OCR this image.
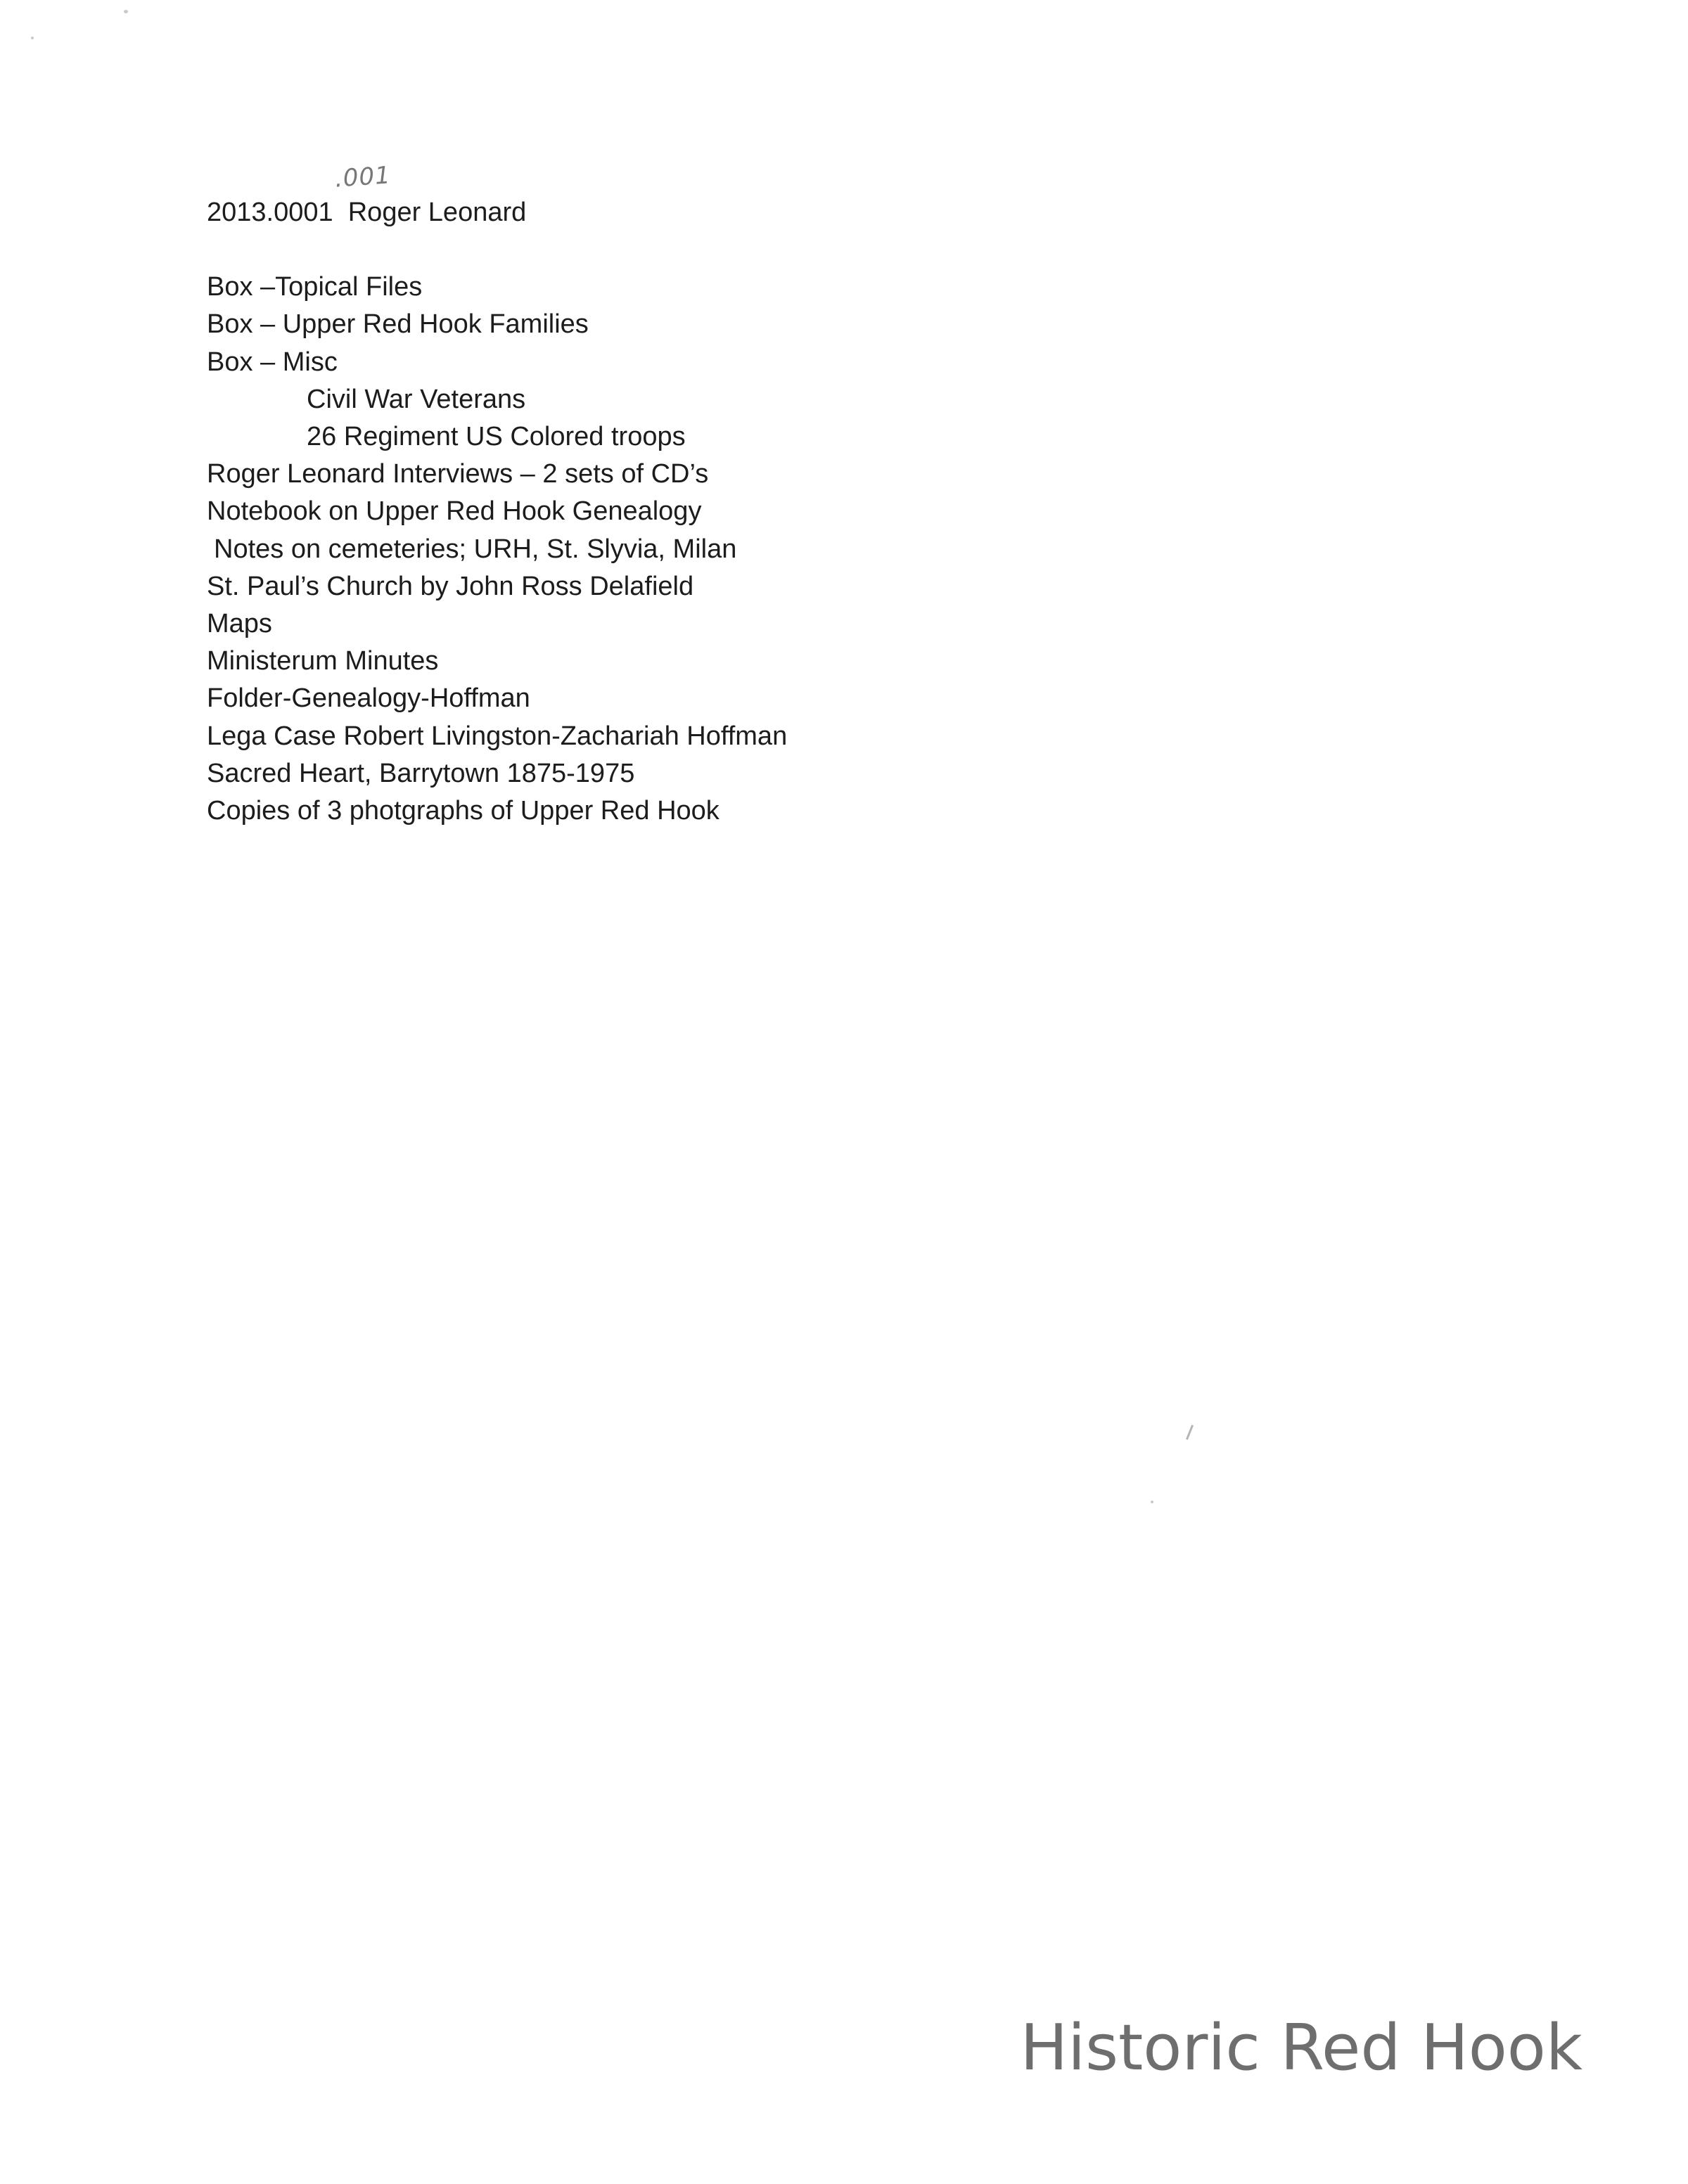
.001
2013.0001  Roger Leonard
Box –Topical Files
Box – Upper Red Hook Families
Box – Misc
Civil War Veterans
26 Regiment US Colored troops
Roger Leonard Interviews – 2 sets of CD’s
Notebook on Upper Red Hook Genealogy
Notes on cemeteries; URH, St. Slyvia, Milan
St. Paul’s Church by John Ross Delafield
Maps
Ministerum Minutes
Folder-Genealogy-Hoffman
Lega Case Robert Livingston-Zachariah Hoffman
Sacred Heart, Barrytown 1875-1975
Copies of 3 photgraphs of Upper Red Hook
Historic Red Hook
